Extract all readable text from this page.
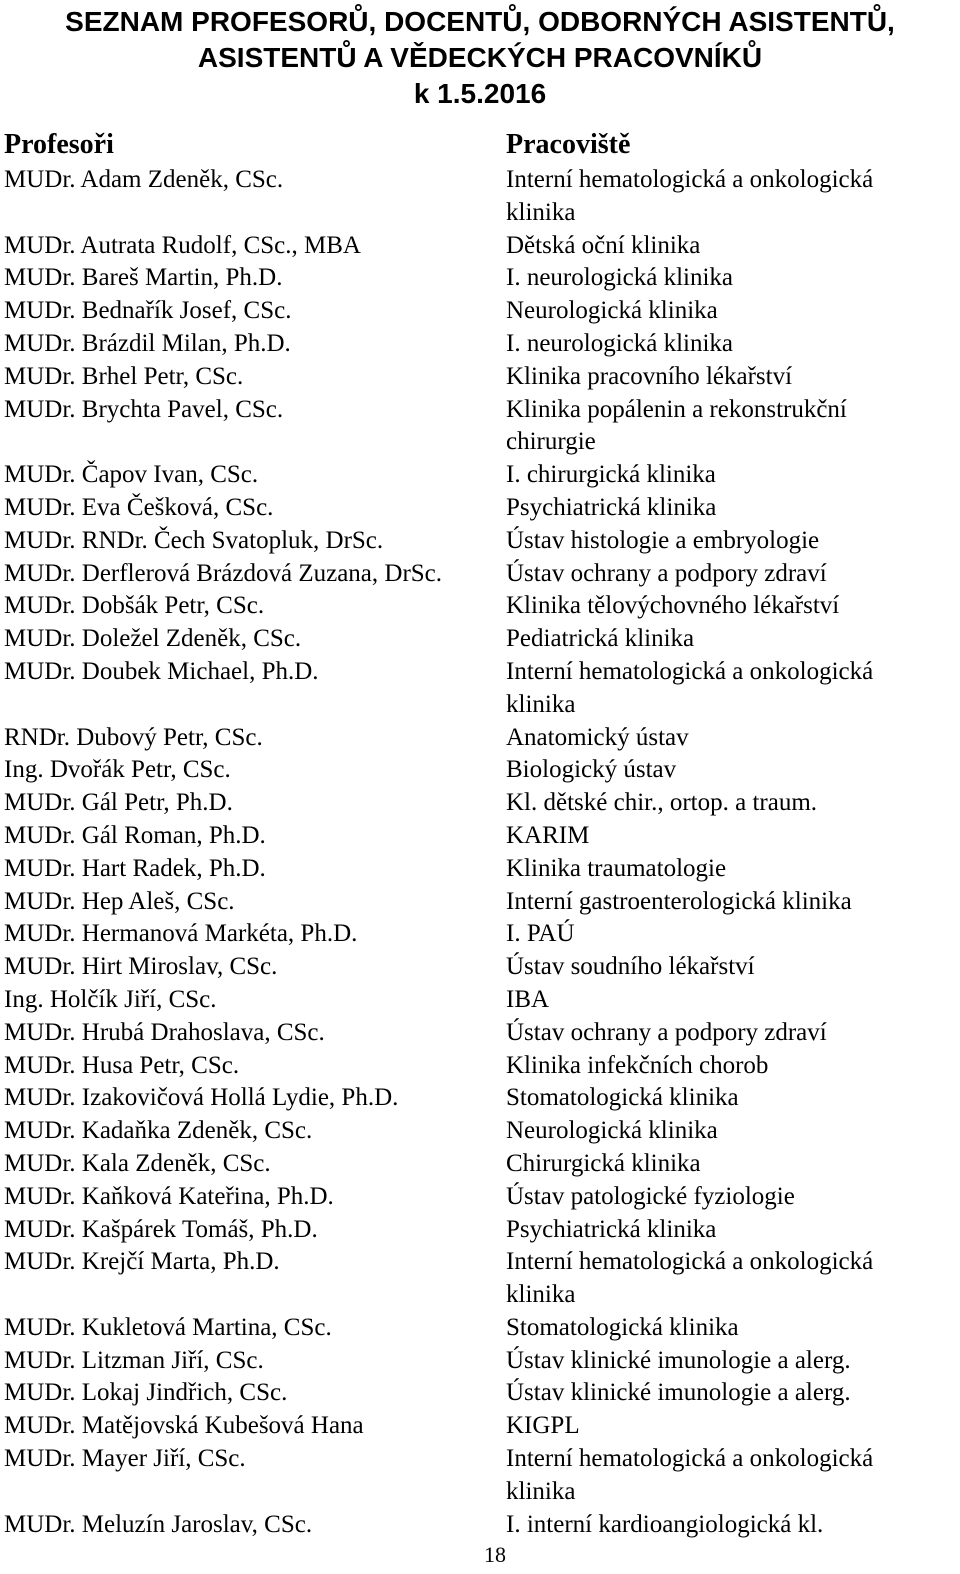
SEZNAM PROFESORŮ, DOCENTŮ, ODBORNÝCH ASISTENTŮ,
ASISTENTŮ A VĚDECKÝCH PRACOVNÍKŮ
k 1.5.2016
Profesoři	Pracoviště
MUDr. Adam Zdeněk, CSc.	Interní hematologická a onkologická klinika
MUDr. Autrata Rudolf, CSc., MBA	Dětská oční klinika
MUDr. Bareš Martin, Ph.D.	I. neurologická klinika
MUDr. Bednařík Josef, CSc.	Neurologická klinika
MUDr. Brázdil Milan, Ph.D.	I. neurologická klinika
MUDr. Brhel Petr, CSc.	Klinika pracovního lékařství
MUDr. Brychta Pavel, CSc.	Klinika popálenin a rekonstrukční chirurgie
MUDr. Čapov Ivan, CSc.	I. chirurgická klinika
MUDr. Eva Češková, CSc.	Psychiatrická klinika
MUDr. RNDr. Čech Svatopluk, DrSc.	Ústav histologie a embryologie
MUDr. Derflerová Brázdová Zuzana, DrSc.	Ústav ochrany a podpory zdraví
MUDr. Dobšák Petr, CSc.	Klinika tělovýchovného lékařství
MUDr. Doležel Zdeněk, CSc.	Pediatrická klinika
MUDr. Doubek Michael, Ph.D.	Interní hematologická a onkologická klinika
RNDr. Dubový Petr, CSc.	Anatomický ústav
Ing. Dvořák Petr, CSc.	Biologický ústav
MUDr. Gál Petr, Ph.D.	Kl. dětské chir., ortop. a traum.
MUDr. Gál Roman, Ph.D.	KARIM
MUDr. Hart Radek, Ph.D.	Klinika traumatologie
MUDr. Hep Aleš, CSc.	Interní gastroenterologická klinika
MUDr. Hermanová Markéta, Ph.D.	I. PAÚ
MUDr. Hirt Miroslav, CSc.	Ústav soudního lékařství
Ing. Holčík Jiří, CSc.	IBA
MUDr. Hrubá Drahoslava, CSc.	Ústav ochrany a podpory zdraví
MUDr. Husa Petr, CSc.	Klinika infekčních chorob
MUDr. Izakovičová Hollá Lydie, Ph.D.	Stomatologická klinika
MUDr. Kadaňka Zdeněk, CSc.	Neurologická klinika
MUDr. Kala Zdeněk, CSc.	Chirurgická klinika
MUDr. Kaňková Kateřina, Ph.D.	Ústav patologické fyziologie
MUDr. Kašpárek Tomáš, Ph.D.	Psychiatrická klinika
MUDr. Krejčí Marta, Ph.D.	Interní hematologická a onkologická klinika
MUDr. Kukletová Martina, CSc.	Stomatologická klinika
MUDr. Litzman Jiří, CSc.	Ústav klinické imunologie a alerg.
MUDr. Lokaj Jindřich, CSc.	Ústav klinické imunologie a alerg.
MUDr. Matějovská Kubešová Hana	KIGPL
MUDr. Mayer Jiří, CSc.	Interní hematologická a onkologická klinika
MUDr. Meluzín Jaroslav, CSc.	I. interní kardioangiologická kl.
18
